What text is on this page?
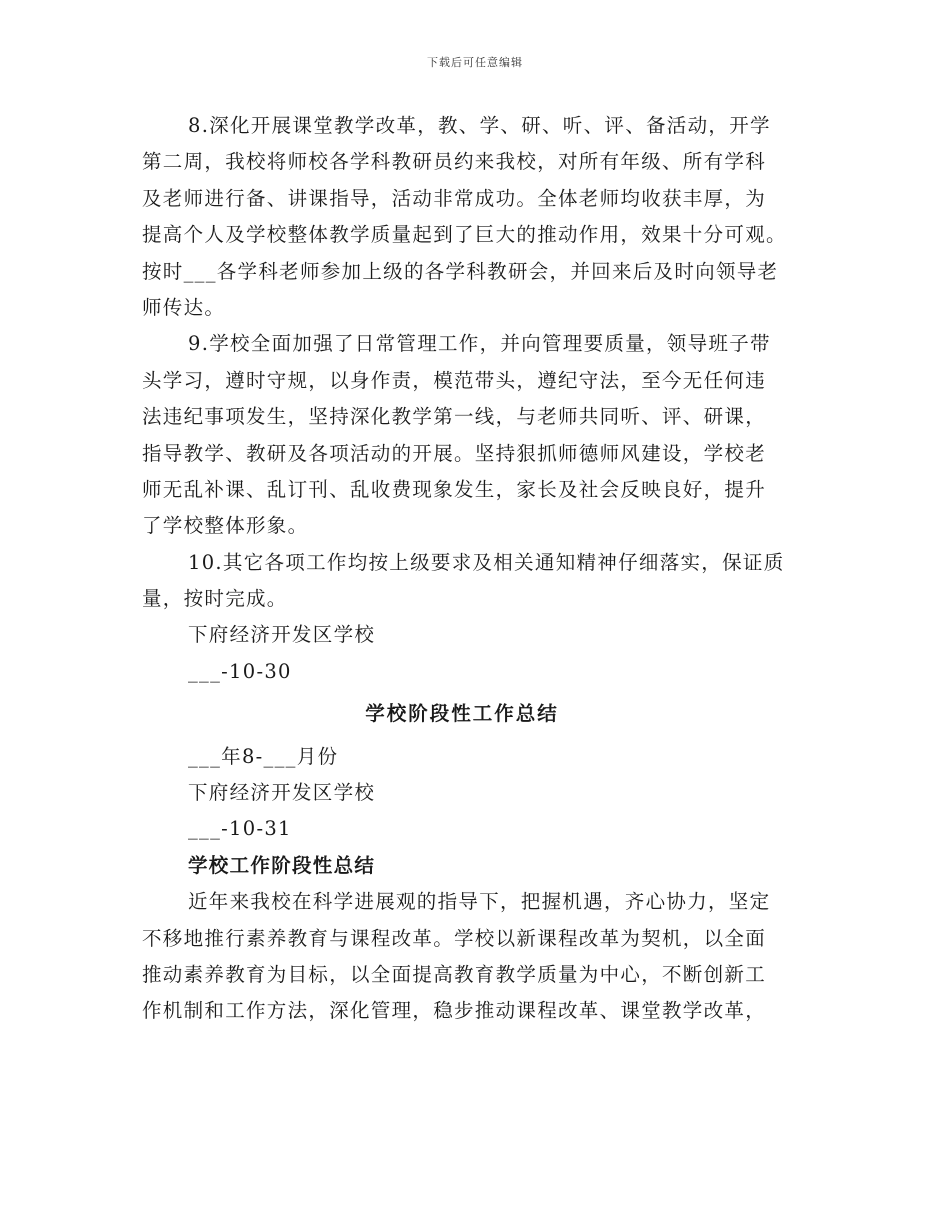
下载后可任意编辑
8.深化开展课堂教学改革，教、学、研、听、评、备活动，开学
第二周，我校将师校各学科教研员约来我校，对所有年级、所有学科
及老师进行备、讲课指导，活动非常成功。全体老师均收获丰厚，为
提高个人及学校整体教学质量起到了巨大的推动作用，效果十分可观。
按时___各学科老师参加上级的各学科教研会，并回来后及时向领导老
师传达。
9.学校全面加强了日常管理工作，并向管理要质量，领导班子带
头学习，遵时守规，以身作责，模范带头，遵纪守法，至今无任何违
法违纪事项发生，坚持深化教学第一线，与老师共同听、评、研课，
指导教学、教研及各项活动的开展。坚持狠抓师德师风建设，学校老
师无乱补课、乱订刊、乱收费现象发生，家长及社会反映良好，提升
了学校整体形象。
10.其它各项工作均按上级要求及相关通知精神仔细落实，保证质
量，按时完成。
下府经济开发区学校
___-10-30
学校阶段性工作总结
___年8-___月份
下府经济开发区学校
___-10-31
学校工作阶段性总结
近年来我校在科学进展观的指导下，把握机遇，齐心协力，坚定
不移地推行素养教育与课程改革。学校以新课程改革为契机，以全面
推动素养教育为目标，以全面提高教育教学质量为中心，不断创新工
作机制和工作方法，深化管理，稳步推动课程改革、课堂教学改革，
